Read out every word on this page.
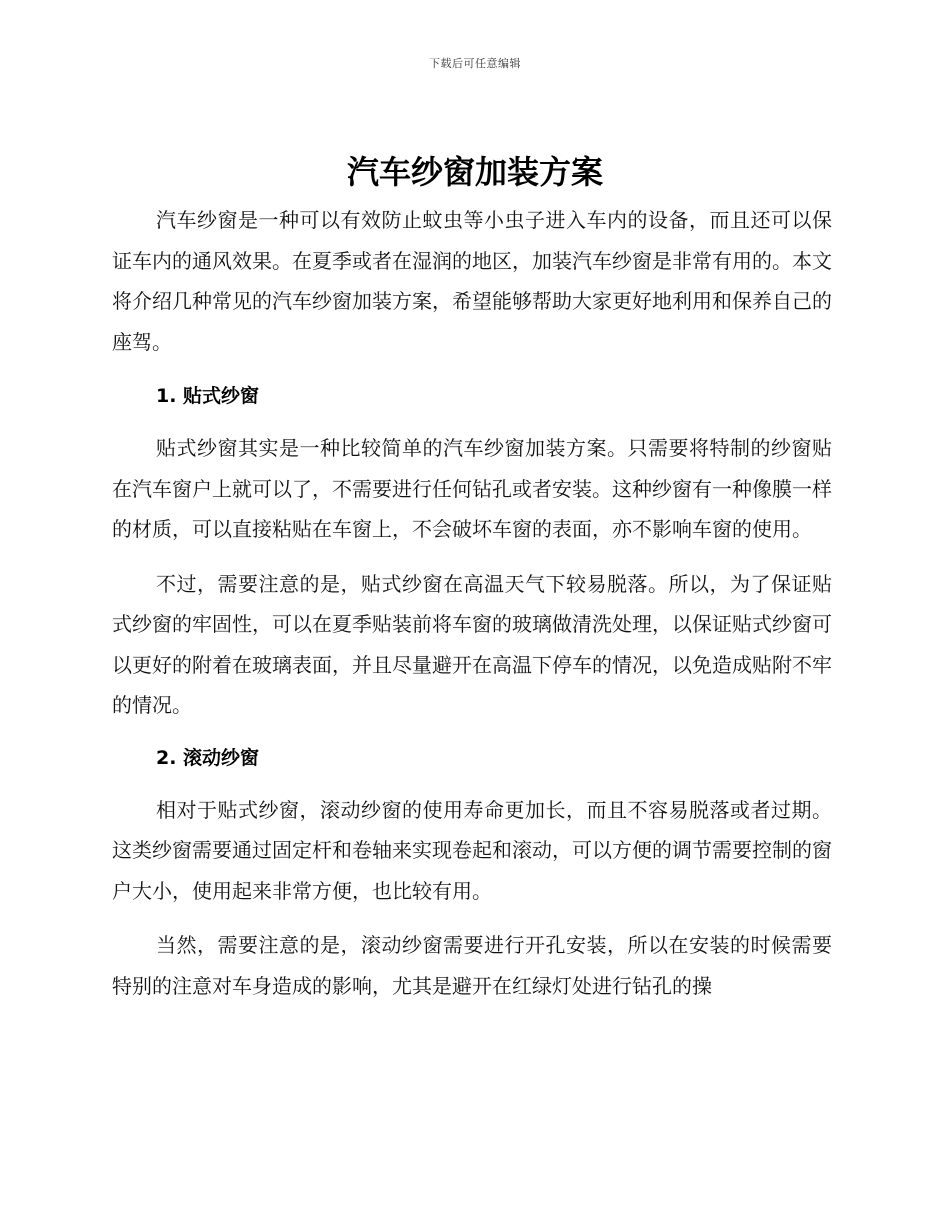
下载后可任意编辑
汽车纱窗加装方案

汽车纱窗是一种可以有效防止蚊虫等小虫子进入车内的设备，而且还可以保证车内的通风效果。在夏季或者在湿润的地区，加装汽车纱窗是非常有用的。本文将介绍几种常见的汽车纱窗加装方案，希望能够帮助大家更好地利用和保养自己的座驾。

1. 贴式纱窗

贴式纱窗其实是一种比较简单的汽车纱窗加装方案。只需要将特制的纱窗贴在汽车窗户上就可以了，不需要进行任何钻孔或者安装。这种纱窗有一种像膜一样的材质，可以直接粘贴在车窗上，不会破坏车窗的表面，亦不影响车窗的使用。

不过，需要注意的是，贴式纱窗在高温天气下较易脱落。所以，为了保证贴式纱窗的牢固性，可以在夏季贴装前将车窗的玻璃做清洗处理，以保证贴式纱窗可以更好的附着在玻璃表面，并且尽量避开在高温下停车的情况，以免造成贴附不牢的情况。

2. 滚动纱窗

相对于贴式纱窗，滚动纱窗的使用寿命更加长，而且不容易脱落或者过期。这类纱窗需要通过固定杆和卷轴来实现卷起和滚动，可以方便的调节需要控制的窗户大小，使用起来非常方便，也比较有用。

当然，需要注意的是，滚动纱窗需要进行开孔安装，所以在安装的时候需要特别的注意对车身造成的影响，尤其是避开在红绿灯处进行钻孔的操
